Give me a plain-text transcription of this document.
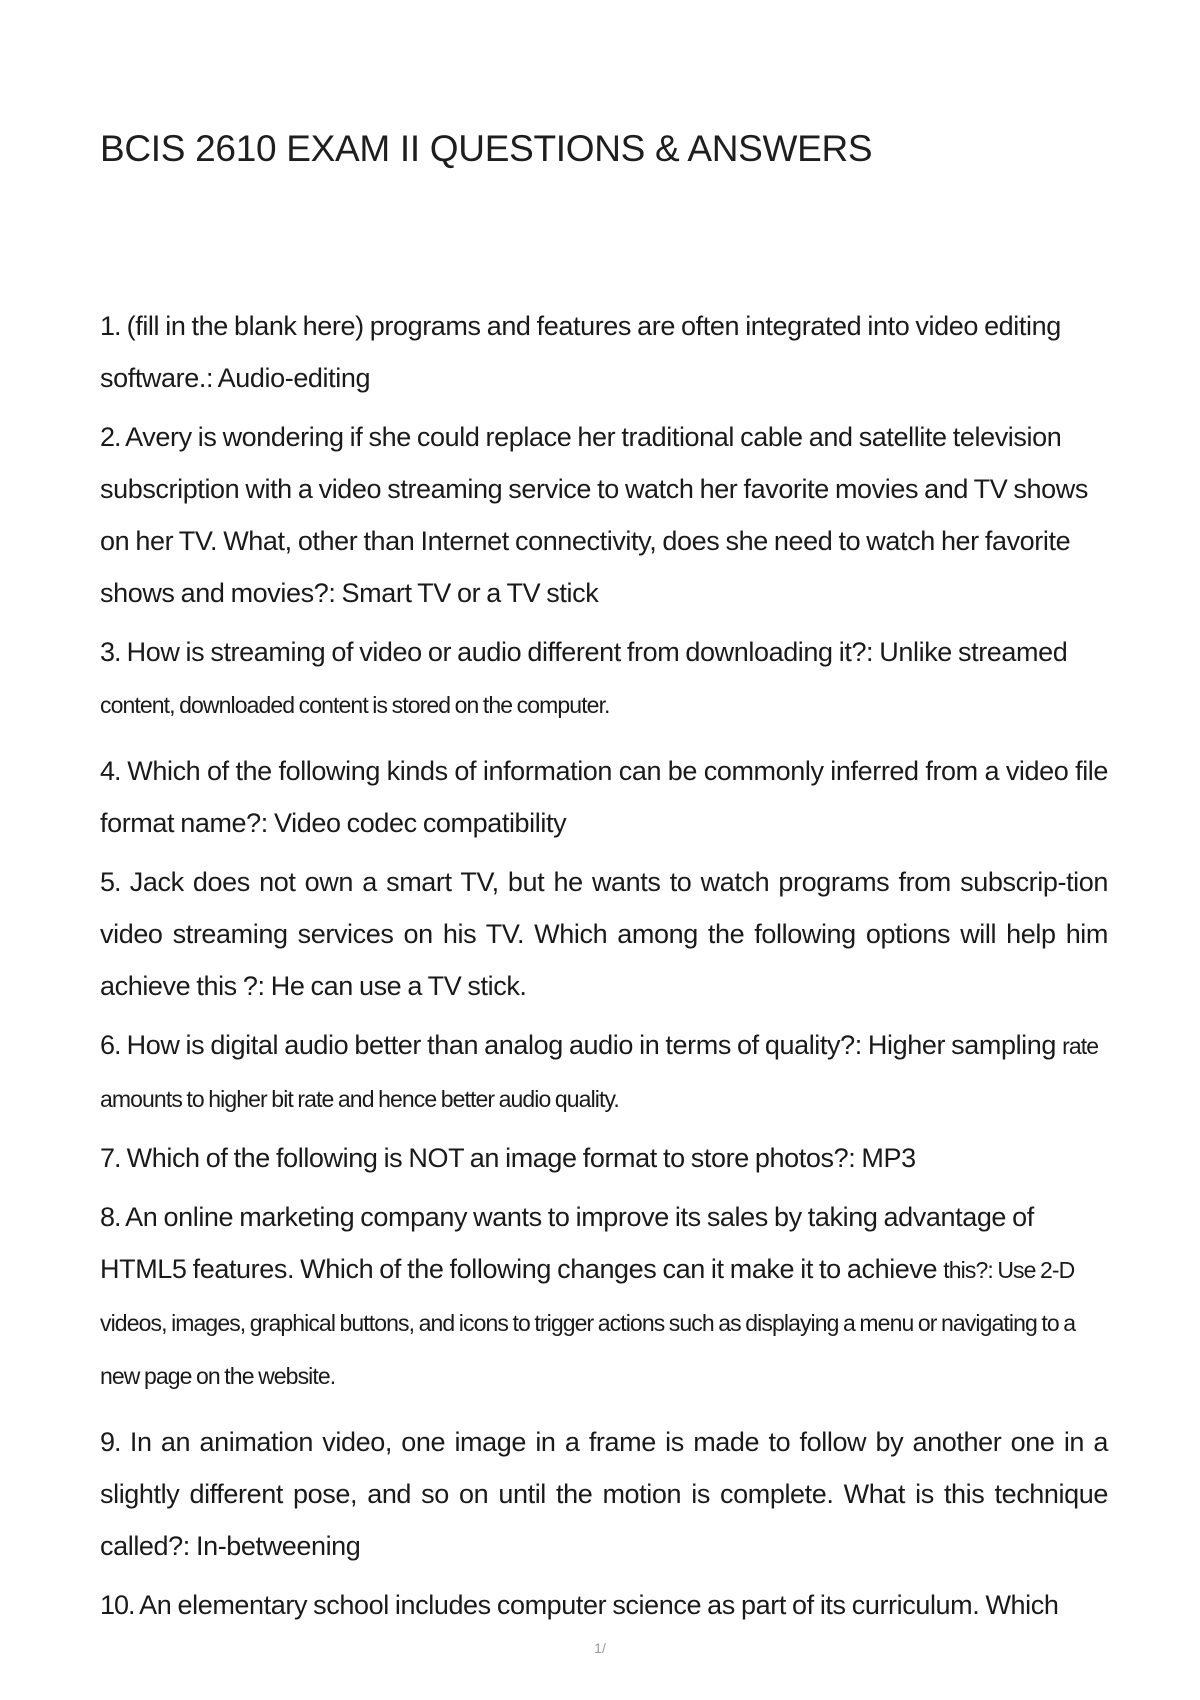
BCIS 2610 EXAM II QUESTIONS & ANSWERS
1. (fill in the blank here) programs and features are often integrated into video editing software.: Audio-editing
2. Avery is wondering if she could replace her traditional cable and satellite television subscription with a video streaming service to watch her favorite movies and TV shows on her TV. What, other than Internet connectivity, does she need to watch her favorite shows and movies?: Smart TV or a TV stick
3. How is streaming of video or audio different from downloading it?: Unlike streamed content, downloaded content is stored on the computer.
4. Which of the following kinds of information can be commonly inferred from a video file format name?: Video codec compatibility
5. Jack does not own a smart TV, but he wants to watch programs from subscrip-tion video streaming services on his TV. Which among the following options will help him achieve this ?: He can use a TV stick.
6. How is digital audio better than analog audio in terms of quality?: Higher sampling rate amounts to higher bit rate and hence better audio quality.
7. Which of the following is NOT an image format to store photos?: MP3
8. An online marketing company wants to improve its sales by taking advantage of HTML5 features. Which of the following changes can it make it to achieve this?: Use 2-D videos, images, graphical buttons, and icons to trigger actions such as displaying a menu or navigating to a new page on the website.
9. In an animation video, one image in a frame is made to follow by another one in a slightly different pose, and so on until the motion is complete. What is this technique called?: In-betweening
10. An elementary school includes computer science as part of its curriculum. Which
1/
